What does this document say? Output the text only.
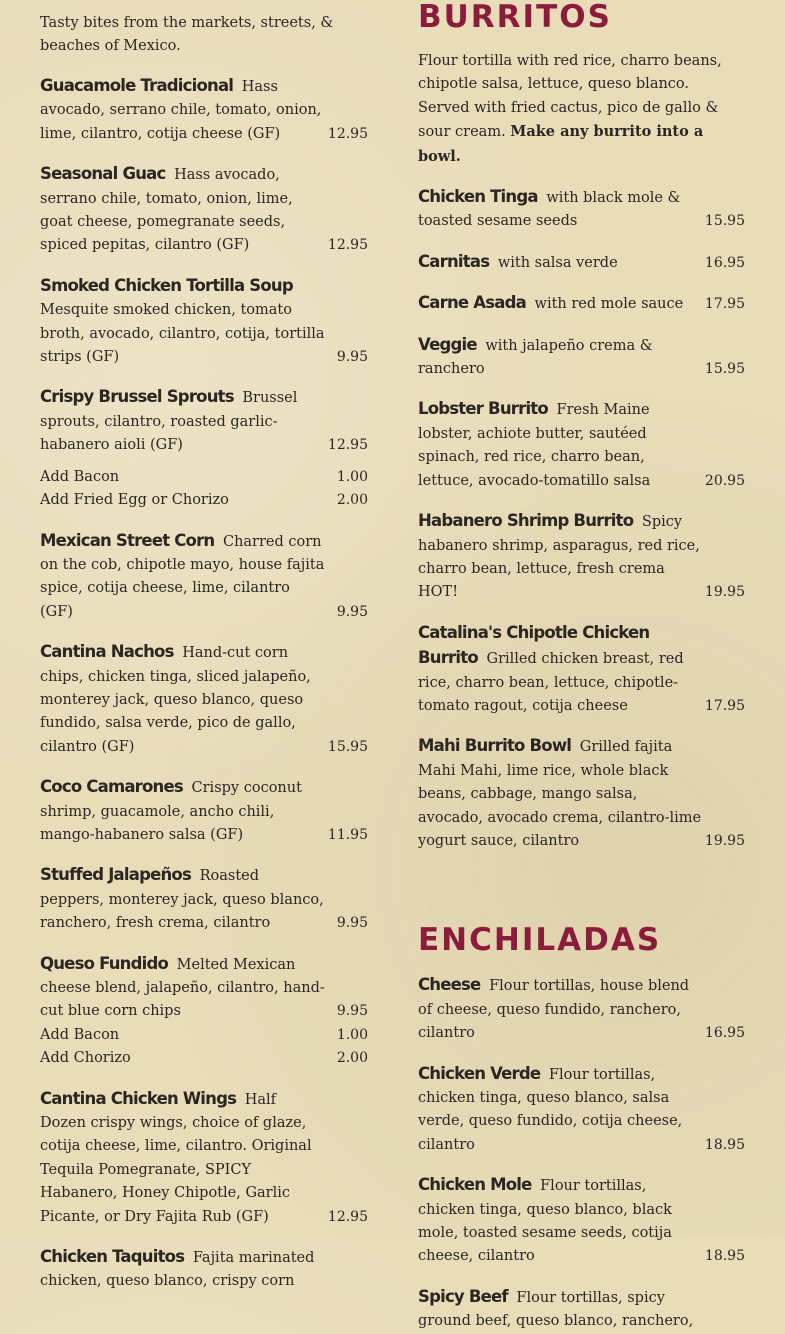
Tasty bites from the markets, streets, & beaches of Mexico.

Guacamole Tradicional Hass avocado, serrano chile, tomato, onion, lime, cilantro, cotija cheese (GF)	12.95
Seasonal Guac Hass avocado, serrano chile, tomato, onion, lime, goat cheese, pomegranate seeds, spiced pepitas, cilantro (GF)	12.95
Smoked Chicken Tortilla Soup Mesquite smoked chicken, tomato broth, avocado, cilantro, cotija, tortilla strips (GF)	9.95
Crispy Brussel Sprouts Brussel sprouts, cilantro, roasted garlic-habanero aioli (GF)	12.95
Add Bacon	1.00
Add Fried Egg or Chorizo	2.00
Mexican Street Corn Charred corn on the cob, chipotle mayo, house fajita spice, cotija cheese, lime, cilantro (GF)	9.95
Cantina Nachos Hand-cut corn chips, chicken tinga, sliced jalapeño, monterey jack, queso blanco, queso fundido, salsa verde, pico de gallo, cilantro (GF)	15.95
Coco Camarones Crispy coconut shrimp, guacamole, ancho chili, mango-habanero salsa (GF)	11.95
Stuffed Jalapeños Roasted peppers, monterey jack, queso blanco, ranchero, fresh crema, cilantro	9.95
Queso Fundido Melted Mexican cheese blend, jalapeño, cilantro, hand-cut blue corn chips	9.95
Add Bacon	1.00
Add Chorizo	2.00
Cantina Chicken Wings Half Dozen crispy wings, choice of glaze, cotija cheese, lime, cilantro. Original Tequila Pomegranate, SPICY Habanero, Honey Chipotle, Garlic Picante, or Dry Fajita Rub (GF)	12.95
Chicken Taquitos Fajita marinated chicken, queso blanco, crispy corn
BURRITOS

Flour tortilla with red rice, charro beans, chipotle salsa, lettuce, queso blanco. Served with fried cactus, pico de gallo & sour cream. Make any burrito into a bowl.

Chicken Tinga with black mole & toasted sesame seeds	15.95
Carnitas with salsa verde	16.95
Carne Asada with red mole sauce	17.95
Veggie with jalapeño crema & ranchero	15.95
Lobster Burrito Fresh Maine lobster, achiote butter, sautéed spinach, red rice, charro bean, lettuce, avocado-tomatillo salsa	20.95
Habanero Shrimp Burrito Spicy habanero shrimp, asparagus, red rice, charro bean, lettuce, fresh crema HOT!	19.95
Catalina's Chipotle Chicken Burrito Grilled chicken breast, red rice, charro bean, lettuce, chipotle-tomato ragout, cotija cheese	17.95
Mahi Burrito Bowl Grilled fajita Mahi Mahi, lime rice, whole black beans, cabbage, mango salsa, avocado, avocado crema, cilantro-lime yogurt sauce, cilantro	19.95
ENCHILADAS
Cheese Flour tortillas, house blend of cheese, queso fundido, ranchero, cilantro	16.95
Chicken Verde Flour tortillas, chicken tinga, queso blanco, salsa verde, queso fundido, cotija cheese, cilantro	18.95
Chicken Mole Flour tortillas, chicken tinga, queso blanco, black mole, toasted sesame seeds, cotija cheese, cilantro	18.95
Spicy Beef Flour tortillas, spicy ground beef, queso blanco, ranchero,
